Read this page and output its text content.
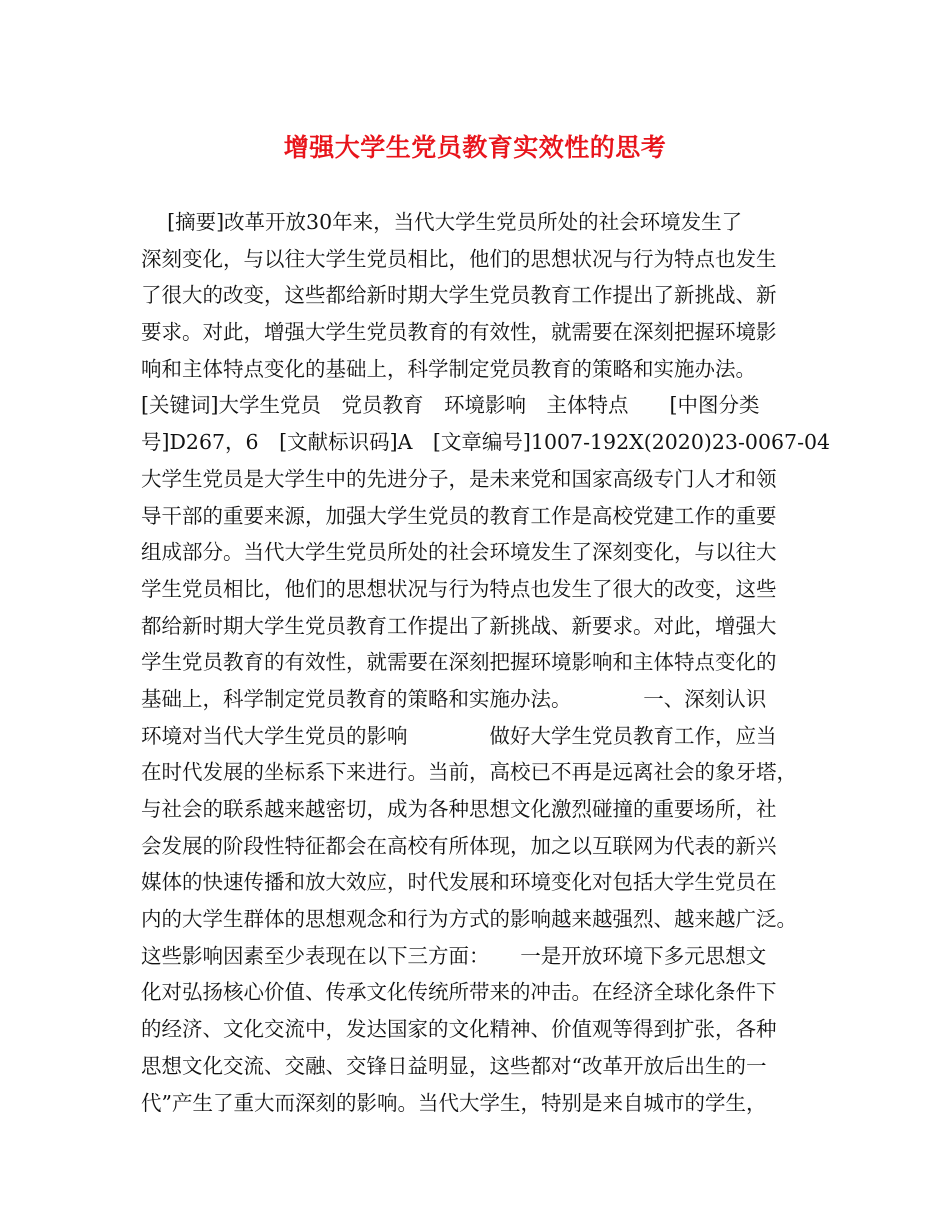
增强大学生党员教育实效性的思考
[摘要]改革开放30年来，当代大学生党员所处的社会环境发生了
深刻变化，与以往大学生党员相比，他们的思想状况与行为特点也发生
了很大的改变，这些都给新时期大学生党员教育工作提出了新挑战、新
要求。对此，增强大学生党员教育的有效性，就需要在深刻把握环境影
响和主体特点变化的基础上，科学制定党员教育的策略和实施办法。
[关键词]大学生党员　党员教育　环境影响　主体特点　　[中图分类
号]D267，6　[文献标识码]A　[文章编号]1007-192X(2020)23-0067-04
大学生党员是大学生中的先进分子，是未来党和国家高级专门人才和领
导干部的重要来源，加强大学生党员的教育工作是高校党建工作的重要
组成部分。当代大学生党员所处的社会环境发生了深刻变化，与以往大
学生党员相比，他们的思想状况与行为特点也发生了很大的改变，这些
都给新时期大学生党员教育工作提出了新挑战、新要求。对此，增强大
学生党员教育的有效性，就需要在深刻把握环境影响和主体特点变化的
基础上，科学制定党员教育的策略和实施办法。　　　　一、深刻认识
环境对当代大学生党员的影响　　　　做好大学生党员教育工作，应当
在时代发展的坐标系下来进行。当前，高校已不再是远离社会的象牙塔，
与社会的联系越来越密切，成为各种思想文化激烈碰撞的重要场所，社
会发展的阶段性特征都会在高校有所体现，加之以互联网为代表的新兴
媒体的快速传播和放大效应，时代发展和环境变化对包括大学生党员在
内的大学生群体的思想观念和行为方式的影响越来越强烈、越来越广泛。
这些影响因素至少表现在以下三方面：　　一是开放环境下多元思想文
化对弘扬核心价值、传承文化传统所带来的冲击。在经济全球化条件下
的经济、文化交流中，发达国家的文化精神、价值观等得到扩张，各种
思想文化交流、交融、交锋日益明显，这些都对“改革开放后出生的一
代”产生了重大而深刻的影响。当代大学生，特别是来自城市的学生，
